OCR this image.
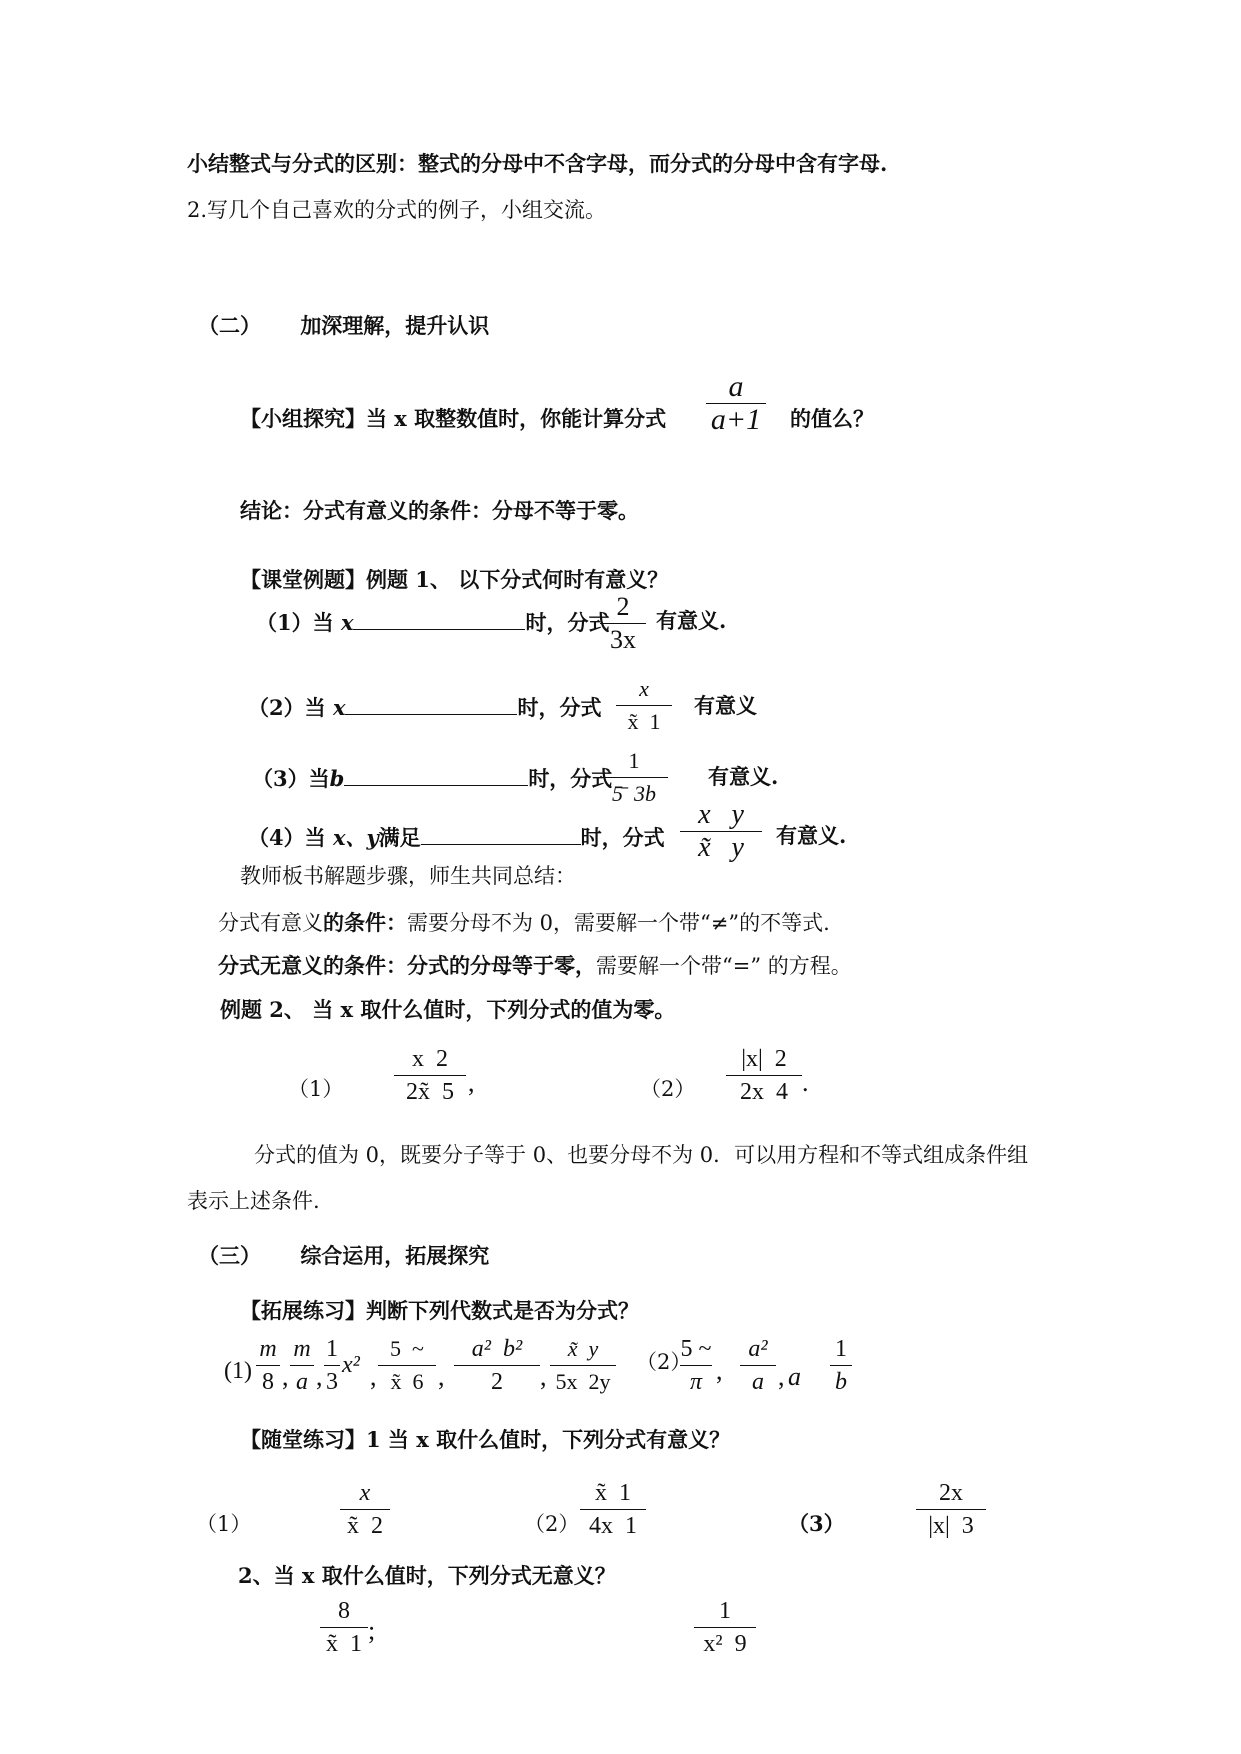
小结整式与分式的区别：整式的分母中不含字母，而分式的分母中含有字母.
2.写几个自己喜欢的分式的例子，小组交流。
（二） 加深理解，提升认识
【小组探究】当 x 取整数值时，你能计算分式
a
a+1 的值么？
结论：分式有意义的条件：分母不等于零。
【课堂例题】例题 1、 以下分式何时有意义？
（1）当 x	时，分式
2
3x
有意义.
（2）当 x	时，分式
x
x̃  1
有意义
（3）当b	时，分式
1
5̄  3b
有意义.
（4）当 x、y满足	时，分式
x   y
x̃   y	有意义.
教师板书解题步骤，师生共同总结：
分式有意义的条件：需要分母不为 0，需要解一个带“≠”的不等式.
分式无意义的条件：分式的分母等于零，需要解一个带“=” 的方程。
例题 2、 当 x 取什么值时，下列分式的值为零。
（1）
x  2
2x̃  5 ,	（2）
|x|  2
2x  4 .
分式的值为 0，既要分子等于 0、也要分母不为 0．可以用方程和不等式组成条件组
表示上述条件.
（三） 综合运用，拓展探究
【拓展练习】判断下列代数式是否为分式？
(1)
m
8 ,
m
a ,
1
3
x² ,
5  ~
x̃  6 ,
a²  b²
2	,
x̃  y
5x  2y
（2）
5 ~
π ,
a²
a , a
1
b
【随堂练习】1 当 x 取什么值时，下列分式有意义？
（1）
x
x̃  2	（2）
x̃  1
4x  1	（3）
2x
|x|  3
2、当 x 取什么值时，下列分式无意义？
8
x̃  1 ;
1
x²  9
